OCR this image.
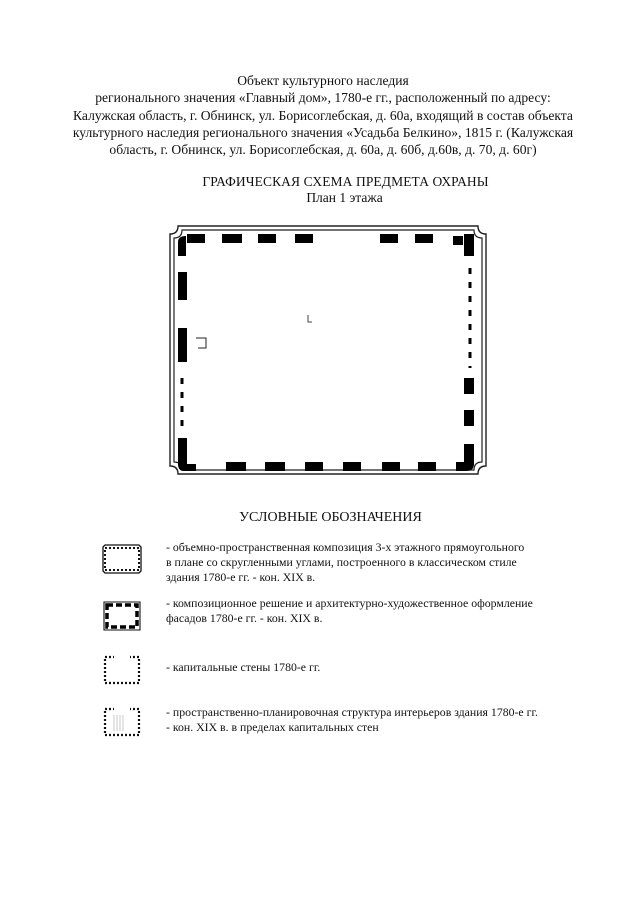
Объект культурного наследия
регионального значения «Главный дом», 1780-е гг., расположенный по адресу:
Калужская область, г. Обнинск, ул. Борисоглебская, д. 60а, входящий в состав объекта
культурного наследия регионального значения «Усадьба Белкино», 1815 г. (Калужская
область, г. Обнинск, ул. Борисоглебская, д. 60а, д. 60б, д.60в, д. 70, д. 60г)
ГРАФИЧЕСКАЯ СХЕМА ПРЕДМЕТА ОХРАНЫ
План 1 этажа
УСЛОВНЫЕ ОБОЗНАЧЕНИЯ
- объемно-пространственная композиция 3-х этажного прямоугольного
в плане со скругленными углами, построенного в классическом стиле
здания 1780-е гг. - кон. XIX в.
- композиционное решение и архитектурно-художественное оформление
фасадов 1780-е гг. - кон. XIX в.
- капитальные стены 1780-е гг.
- пространственно-планировочная структура интерьеров здания 1780-е гг.
- кон. XIX в. в пределах капитальных стен
